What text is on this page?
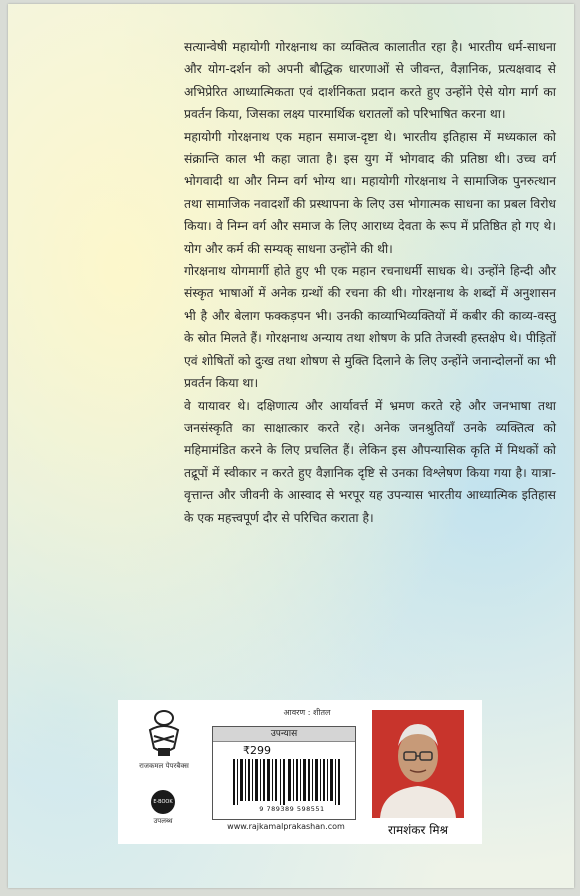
सत्यान्वेषी महायोगी गोरक्षनाथ का व्यक्तित्व कालातीत रहा है। भारतीय धर्म-साधना और योग-दर्शन को अपनी बौद्धिक धारणाओं से जीवन्त, वैज्ञानिक, प्रत्यक्षवाद से अभिप्रेरित आध्यात्मिकता एवं दार्शनिकता प्रदान करते हुए उन्होंने ऐसे योग मार्ग का प्रवर्तन किया, जिसका लक्ष्य पारमार्थिक धरातलों को परिभाषित करना था।

महायोगी गोरक्षनाथ एक महान समाज-दृष्टा थे। भारतीय इतिहास में मध्यकाल को संक्रान्ति काल भी कहा जाता है। इस युग में भोगवाद की प्रतिष्ठा थी। उच्च वर्ग भोगवादी था और निम्न वर्ग भोग्य था। महायोगी गोरक्षनाथ ने सामाजिक पुनरुत्थान तथा सामाजिक नवादर्शों की प्रस्थापना के लिए उस भोगात्मक साधना का प्रबल विरोध किया। वे निम्न वर्ग और समाज के लिए आराध्य देवता के रूप में प्रतिष्ठित हो गए थे। योग और कर्म की सम्यक् साधना उन्होंने की थी।

गोरक्षनाथ योगमार्गी होते हुए भी एक महान रचनाधर्मी साधक थे। उन्होंने हिन्दी और संस्कृत भाषाओं में अनेक ग्रन्थों की रचना की थी। गोरक्षनाथ के शब्दों में अनुशासन भी है और बेलाग फक्कड़पन भी। उनकी काव्याभिव्यक्तियों में कबीर की काव्य-वस्तु के स्रोत मिलते हैं। गोरक्षनाथ अन्याय तथा शोषण के प्रति तेजस्वी हस्तक्षेप थे। पीड़ितों एवं शोषितों को दुःख तथा शोषण से मुक्ति दिलाने के लिए उन्होंने जनान्दोलनों का भी प्रवर्तन किया था।

वे यायावर थे। दक्षिणात्य और आर्यावर्त्त में भ्रमण करते रहे और जनभाषा तथा जनसंस्कृति का साक्षात्कार करते रहे। अनेक जनश्रुतियाँ उनके व्यक्तित्व को महिमामंडित करने के लिए प्रचलित हैं। लेकिन इस औपन्यासिक कृति में मिथकों को तद्रूपों में स्वीकार न करते हुए वैज्ञानिक दृष्टि से उनका विश्लेषण किया गया है। यात्रा-वृत्तान्त और जीवनी के आस्वाद से भरपूर यह उपन्यास भारतीय आध्यात्मिक इतिहास के एक महत्त्वपूर्ण दौर से परिचित कराता है।

राजकमल पेपरबैक्स
E-BOOK
उपलब्ध
आवरण : शीतल
उपन्यास
₹299
9 789389 598551
www.rajkamalprakashan.com	रामशंकर मिश्र
